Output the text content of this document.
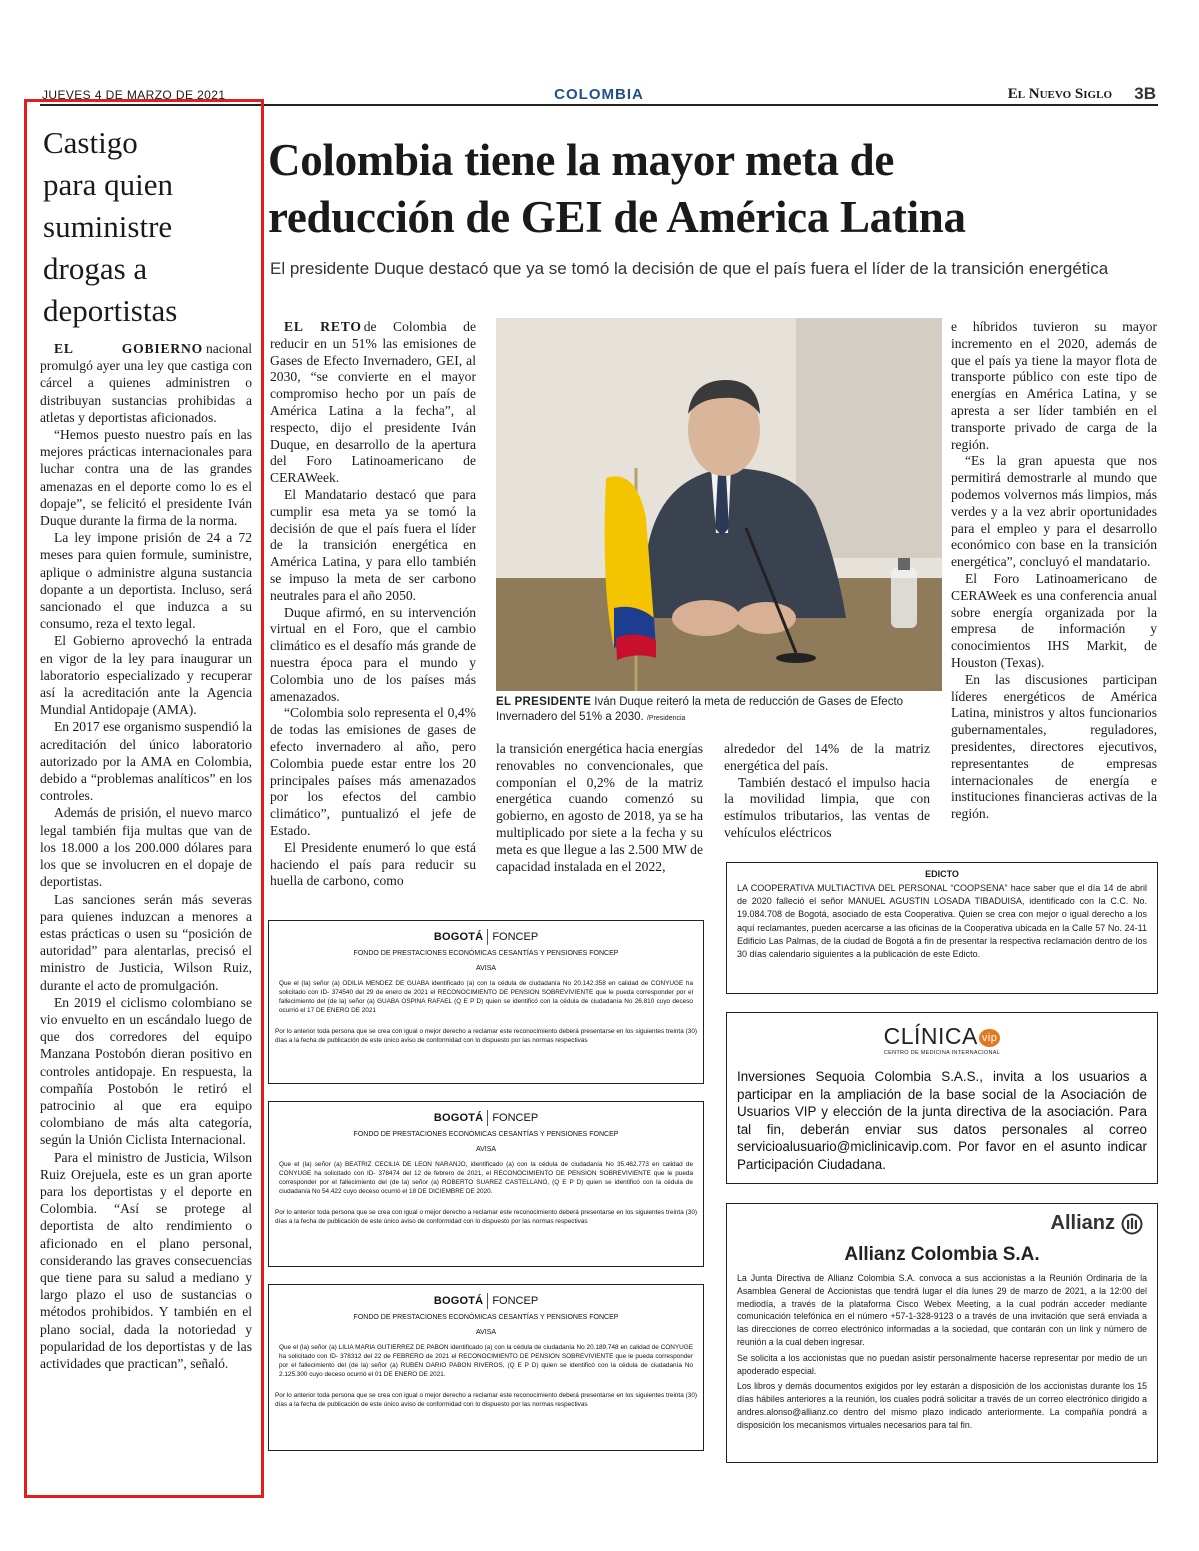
JUEVES 4 DE MARZO DE 2021	COLOMBIA	El Nuevo Siglo 3B
Castigo
para quien
suministre
drogas a
deportistas

EL GOBIERNO nacional promulgó ayer una ley que castiga con cárcel a quienes administren o distribuyan sustancias prohibidas a atletas y deportistas aficionados.

“Hemos puesto nuestro país en las mejores prácticas internacionales para luchar contra una de las grandes amenazas en el deporte como lo es el dopaje”, se felicitó el presidente Iván Duque durante la firma de la norma.

La ley impone prisión de 24 a 72 meses para quien formule, suministre, aplique o administre alguna sustancia dopante a un deportista. Incluso, será sancionado el que induzca a su consumo, reza el texto legal.

El Gobierno aprovechó la entrada en vigor de la ley para inaugurar un laboratorio especializado y recuperar así la acreditación ante la Agencia Mundial Antidopaje (AMA).

En 2017 ese organismo suspendió la acreditación del único laboratorio autorizado por la AMA en Colombia, debido a “problemas analíticos” en los controles.

Además de prisión, el nuevo marco legal también fija multas que van de los 18.000 a los 200.000 dólares para los que se involucren en el dopaje de deportistas.

Las sanciones serán más severas para quienes induzcan a menores a estas prácticas o usen su “posición de autoridad” para alentarlas, precisó el ministro de Justicia, Wilson Ruiz, durante el acto de promulgación.

En 2019 el ciclismo colombiano se vio envuelto en un escándalo luego de que dos corredores del equipo Manzana Postobón dieran positivo en controles antidopaje. En respuesta, la compañía Postobón le retiró el patrocinio al que era equipo colombiano de más alta categoría, según la Unión Ciclista Internacional.

Para el ministro de Justicia, Wilson Ruiz Orejuela, este es un gran aporte para los deportistas y el deporte en Colombia. “Así se protege al deportista de alto rendimiento o aficionado en el plano personal, considerando las graves consecuencias que tiene para su salud a mediano y largo plazo el uso de sustancias o métodos prohibidos. Y también en el plano social, dada la notoriedad y popularidad de los deportistas y de las actividades que practican”, señaló.

Colombia tiene la mayor meta de
reducción de GEI de América Latina
El presidente Duque destacó que ya se tomó la decisión de que el país fuera el líder de la transición energética

EL RETO de Colombia de reducir en un 51% las emisiones de Gases de Efecto Invernadero, GEI, al 2030, “se convierte en el mayor compromiso hecho por un país de América Latina a la fecha”, al respecto, dijo el presidente Iván Duque, en desarrollo de la apertura del Foro Latinoamericano de CERAWeek.

El Mandatario destacó que para cumplir esa meta ya se tomó la decisión de que el país fuera el líder de la transición energética en América Latina, y para ello también se impuso la meta de ser carbono neutrales para el año 2050.

Duque afirmó, en su intervención virtual en el Foro, que el cambio climático es el desafío más grande de nuestra época para el mundo y Colombia uno de los países más amenazados.

“Colombia solo representa el 0,4% de todas las emisiones de gases de efecto invernadero al año, pero Colombia puede estar entre los 20 principales países más amenazados por los efectos del cambio climático”, puntualizó el jefe de Estado.

El Presidente enumeró lo que está haciendo el país para reducir su huella de carbono, como

EL PRESIDENTE Iván Duque reiteró la meta de reducción de Gases de Efecto Invernadero del 51% a 2030. /Presidencia

la transición energética hacia energías renovables no convencionales, que componían el 0,2% de la matriz energética cuando comenzó su gobierno, en agosto de 2018, ya se ha multiplicado por siete a la fecha y su meta es que llegue a las 2.500 MW de capacidad instalada en el 2022,

alrededor del 14% de la matriz energética del país.

También destacó el impulso hacia la movilidad limpia, que con estímulos tributarios, las ventas de vehículos eléctricos

e híbridos tuvieron su mayor incremento en el 2020, además de que el país ya tiene la mayor flota de transporte público con este tipo de energías en América Latina, y se apresta a ser líder también en el transporte privado de carga de la región.

“Es la gran apuesta que nos permitirá demostrarle al mundo que podemos volvernos más limpios, más verdes y a la vez abrir oportunidades para el empleo y para el desarrollo económico con base en la transición energética”, concluyó el mandatario.

El Foro Latinoamericano de CERAWeek es una conferencia anual sobre energía organizada por la empresa de información y conocimientos IHS Markit, de Houston (Texas).

En las discusiones participan líderes energéticos de América Latina, ministros y altos funcionarios gubernamentales, reguladores, presidentes, directores ejecutivos, representantes de empresas internacionales de energía e instituciones financieras activas de la región.

BOGOTÁ FONCEP
FONDO DE PRESTACIONES ECONÓMICAS CESANTÍAS Y PENSIONES FONCEP
AVISA
Que el (la) señor (a) ODILIA MENDEZ DE GUABA identificado (a) con la cédula de ciudadanía No 20.142.358 en calidad de CONYUGE ha solicitado con ID- 374540 del 29 de enero de 2021 el RECONOCIMIENTO DE PENSION SOBREVIVIENTE que le pueda corresponder por el fallecimiento del (de la) señor (a) GUABA OSPINA RAFAEL (Q E P D) quien se identificó con la cédula de ciudadanía No 26.810 cuyo deceso ocurrió el 17 DE ENERO DE 2021
Por lo anterior toda persona que se crea con igual o mejor derecho a reclamar este reconocimiento deberá presentarse en los siguientes treinta (30) días a la fecha de publicación de este único aviso de conformidad con lo dispuesto por las normas respectivas
BOGOTÁ FONCEP
FONDO DE PRESTACIONES ECONÓMICAS CESANTÍAS Y PENSIONES FONCEP
AVISA
Que el (la) señor (a) BEATRIZ CECILIA DE LEON NARANJO, identificado (a) con la cédula de ciudadanía No 35.462.773 en calidad de CONYUGE ha solicitado con ID- 378474 del 12 de febrero de 2021, el RECONOCIMIENTO DE PENSION SOBREVIVIENTE que le pueda corresponder por el fallecimiento del (de la) señor (a) ROBERTO SUAREZ CASTELLANO, (Q E P D) quien se identificó con la cédula de ciudadanía No 54.422 cuyo deceso ocurrió el 18 DE DICIEMBRE DE 2020.
Por lo anterior toda persona que se crea con igual o mejor derecho a reclamar este reconocimiento deberá presentarse en los siguientes treinta (30) días a la fecha de publicación de este único aviso de conformidad con lo dispuesto por las normas respectivas
BOGOTÁ FONCEP
FONDO DE PRESTACIONES ECONÓMICAS CESANTÍAS Y PENSIONES FONCEP
AVISA
Que el (la) señor (a) LILIA MARIA GUTIERREZ DE PABON identificado (a) con la cédula de ciudadanía No 20.189.748 en calidad de CONYUGE ha solicitado con ID- 378312 del 22 de FEBRERO de 2021 el RECONOCIMIENTO DE PENSION SOBREVIVIENTE que le pueda corresponder por el fallecimiento del (de la) señor (a) RUBEN DARIO PABON RIVEROS, (Q E P D) quien se identificó con la cédula de ciudadanía No 2.125.300 cuyo deceso ocurrió el 01 DE ENERO DE 2021.
Por lo anterior toda persona que se crea con igual o mejor derecho a reclamar este reconocimiento deberá presentarse en los siguientes treinta (30) días a la fecha de publicación de este único aviso de conformidad con lo dispuesto por las normas respectivas
EDICTO
LA COOPERATIVA MULTIACTIVA DEL PERSONAL “COOPSENA” hace saber que el día 14 de abril de 2020 falleció el señor MANUEL AGUSTIN LOSADA TIBADUISA, identificado con la C.C. No. 19.084.708 de Bogotá, asociado de esta Cooperativa. Quien se crea con mejor o igual derecho a los aquí reclamantes, pueden acercarse a las oficinas de la Cooperativa ubicada en la Calle 57 No. 24-11 Edificio Las Palmas, de la ciudad de Bogotá a fin de presentar la respectiva reclamación dentro de los 30 días calendario siguientes a la publicación de este Edicto.
CLÍNICA vip
CENTRO DE MEDICINA INTERNACIONAL
Inversiones Sequoia Colombia S.A.S., invita a los usuarios a participar en la ampliación de la base social de la Asociación de Usuarios VIP y elección de la junta directiva de la asociación. Para tal fin, deberán enviar sus datos personales al correo servicioalusuario@miclinicavip.com. Por favor en el asunto indicar Participación Ciudadana.
Allianz
Allianz Colombia S.A.

La Junta Directiva de Allianz Colombia S.A. convoca a sus accionistas a la Reunión Ordinaria de la Asamblea General de Accionistas que tendrá lugar el día lunes 29 de marzo de 2021, a la 12:00 del mediodía, a través de la plataforma Cisco Webex Meeting, a la cual podrán acceder mediante comunicación telefónica en el número +57-1-328-9123 o a través de una invitación que será enviada a las direcciones de correo electrónico informadas a la sociedad, que contarán con un link y número de reunión a la cual deben ingresar.

Se solicita a los accionistas que no puedan asistir personalmente hacerse representar por medio de un apoderado especial.

Los libros y demás documentos exigidos por ley estarán a disposición de los accionistas durante los 15 días hábiles anteriores a la reunión, los cuales podrá solicitar a través de un correo electrónico dirigido a andres.alonso@allianz.co dentro del mismo plazo indicado anteriormente. La compañía pondrá a disposición los mecanismos virtuales necesarios para tal fin.
